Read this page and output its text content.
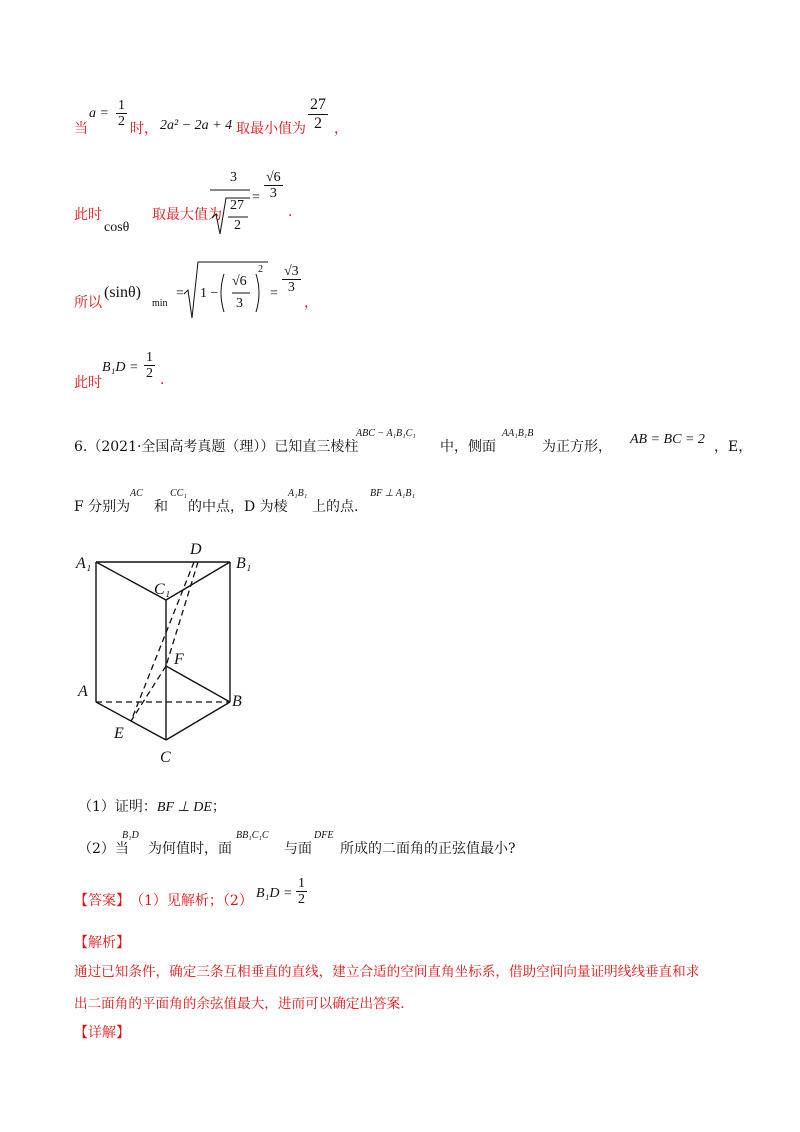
当
$a = \frac{1}{2}$ 时， 2a² − 2a + 4 取最小值为 $\frac{27}{2}$ ，
此时
cosθ
取最大值为
3
27
2
= $\frac{√6}{3}$
.
所以
(sinθ)
min
= 1 −
√6
3
2
= $\frac{√3}{3}$
，
此时
$B_1D = \frac{1}{2}$ .
6.（2021·全国高考真题（理））已知直三棱柱
ABC − A₁B₁C₁
中，侧面
AA₁B₁B
为正方形， AB = BC = 2 ，E，
F 分别为
AC
和
CC₁
的中点，D 为棱
A₁B₁
上的点.
BF ⊥ A₁B₁
A₁
D
B₁
C₁
F
A
B
E
C
（1）证明：BF ⊥ DE；
（2）当
B₁D
为何值时，面
BB₁C₁C
与面
DFE
所成的二面角的正弦值最小?
【答案】 （1）见解析；（2） $B_1D = \frac{1}{2}$
【解析】
通过已知条件，确定三条互相垂直的直线，建立合适的空间直角坐标系，借助空间向量证明线线垂直和求
出二面角的平面角的余弦值最大，进而可以确定出答案.
【详解】
